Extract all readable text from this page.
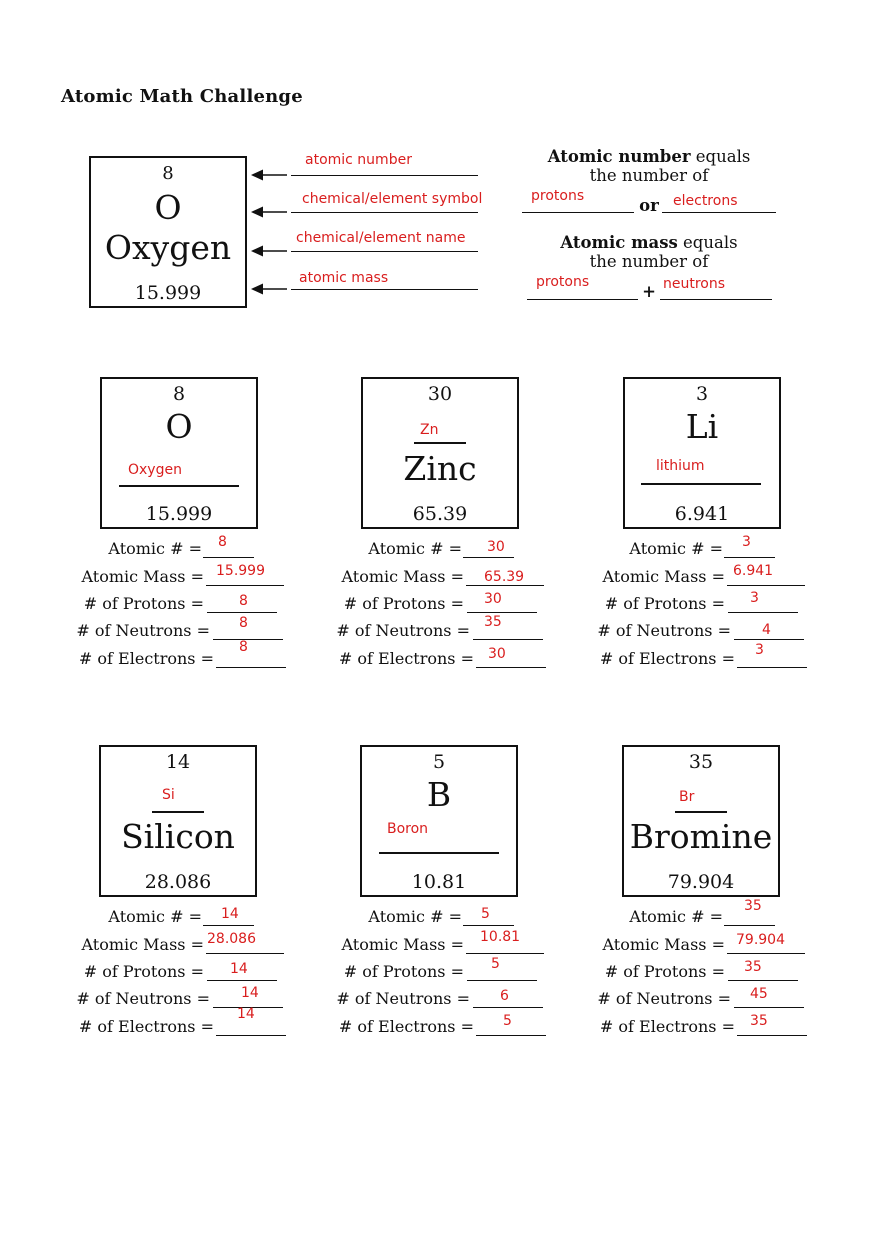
Atomic Math Challenge
8
O
Oxygen
15.999
atomic number
chemical/element symbol
chemical/element name
atomic mass
Atomic number equals
the number of
or
protons	electrons
Atomic mass equals
the number of
+
protons	neutrons
8
O
Oxygen
15.999
Atomic # = 8
Atomic Mass = 15.999
# of Protons =	8
# of Neutrons = 8
# of Electrons =
8
30
Zn
Zinc
65.39
Atomic # = 30
Atomic Mass = 65.39
# of Protons = 30
# of Neutrons = 35
# of Electrons = 30
3
Li
lithium
6.941
Atomic # = 3
Atomic Mass = 6.941
# of Protons = 3
# of Neutrons = 4
# of Electrons = 3
14
Si
Silicon
28.086
Atomic # = 14
Atomic Mass = 28.086
# of Protons = 14
# of Neutrons = 14
# of Electrons =
14
5
B
Boron
10.81
Atomic # = 5
Atomic Mass = 10.81
# of Protons = 5
# of Neutrons = 6
# of Electrons = 5
35
Br
Bromine
79.904
Atomic # =
35
Atomic Mass = 79.904
# of Protons = 35
# of Neutrons = 45
# of Electrons = 35
